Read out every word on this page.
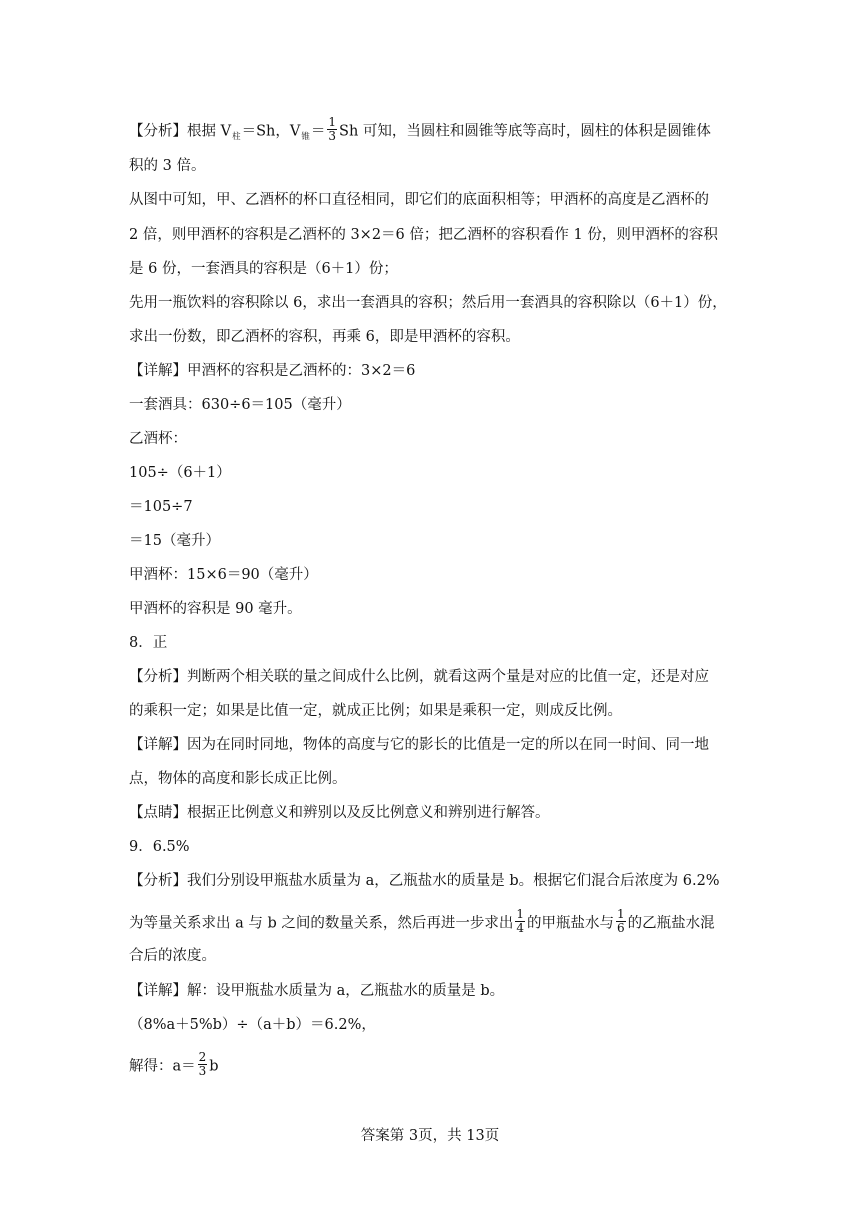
【分析】根据 $V_柱=Sh$，$V_锥= \frac{1}{3}$ Sh 可知，当圆柱和圆锥等底等高时，圆柱的体积是圆锥体
积的 3 倍。
从图中可知，甲、乙酒杯的杯口直径相同，即它们的底面积相等；甲酒杯的高度是乙酒杯的
2 倍，则甲酒杯的容积是乙酒杯的 3×2＝6 倍；把乙酒杯的容积看作 1 份，则甲酒杯的容积
是 6 份，一套酒具的容积是（6＋1）份；
先用一瓶饮料的容积除以 6，求出一套酒具的容积；然后用一套酒具的容积除以（6＋1）份，
求出一份数，即乙酒杯的容积，再乘 6，即是甲酒杯的容积。
【详解】甲酒杯的容积是乙酒杯的：3×2＝6
一套酒具：630÷6＝105（毫升）
乙酒杯：
105÷（6＋1）
＝105÷7
＝15（毫升）
甲酒杯：15×6＝90（毫升）
甲酒杯的容积是 90 毫升。
8．正
【分析】判断两个相关联的量之间成什么比例，就看这两个量是对应的比值一定，还是对应
的乘积一定；如果是比值一定，就成正比例；如果是乘积一定，则成反比例。
【详解】因为在同时同地，物体的高度与它的影长的比值是一定的所以在同一时间、同一地
点，物体的高度和影长成正比例。
【点睛】根据正比例意义和辨别以及反比例意义和辨别进行解答。
9．6.5%
【分析】我们分别设甲瓶盐水质量为 a，乙瓶盐水的质量是 b。根据它们混合后浓度为 6.2%
为等量关系求出 a 与 b 之间的数量关系，然后再进一步求出 $\frac{1}{4}$ 的甲瓶盐水与 $\frac{1}{6}$ 的乙瓶盐水混
合后的浓度。
【详解】解：设甲瓶盐水质量为 a，乙瓶盐水的质量是 b。
（8%a＋5%b）÷（a＋b）＝6.2%，
解得：$a= \frac{2}{3}$ b
答案第 3页，共 13页
